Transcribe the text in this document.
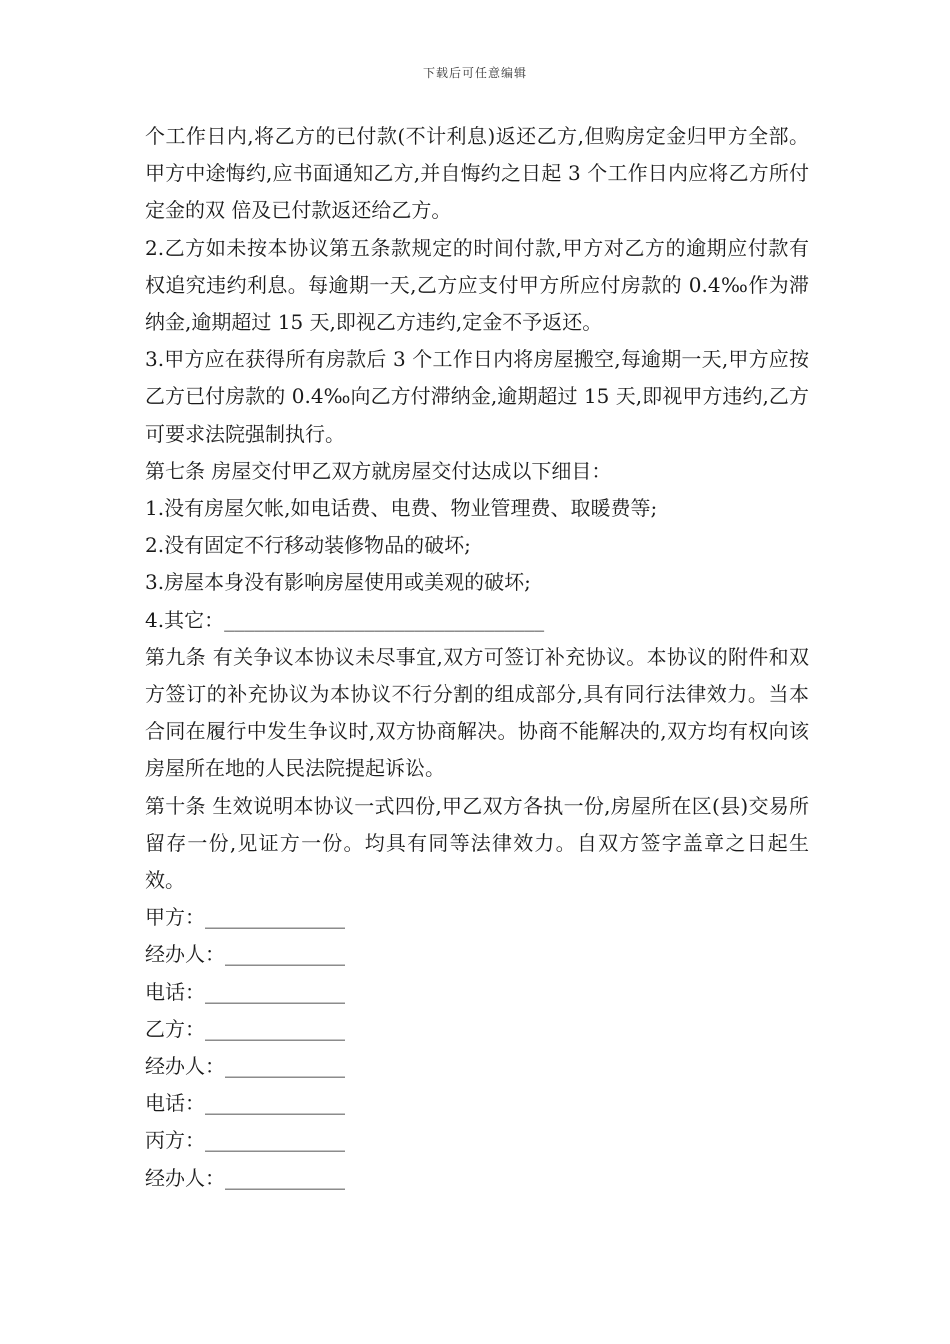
下载后可任意编辑

个工作日内,将乙方的已付款(不计利息)返还乙方,但购房定金归甲方全部。甲方中途悔约,应书面通知乙方,并自悔约之日起 3 个工作日内应将乙方所付定金的双 倍及已付款返还给乙方。

2.乙方如未按本协议第五条款规定的时间付款,甲方对乙方的逾期应付款有权追究违约利息。每逾期一天,乙方应支付甲方所应付房款的 0.4‰作为滞纳金,逾期超过 15 天,即视乙方违约,定金不予返还。

3.甲方应在获得所有房款后 3 个工作日内将房屋搬空,每逾期一天,甲方应按乙方已付房款的 0.4‰向乙方付滞纳金,逾期超过 15 天,即视甲方违约,乙方可要求法院强制执行。

第七条 房屋交付甲乙双方就房屋交付达成以下细目：

1.没有房屋欠帐,如电话费、电费、物业管理费、取暖费等;

2.没有固定不行移动装修物品的破坏;

3.房屋本身没有影响房屋使用或美观的破坏;

4.其它：________________________________

第九条 有关争议本协议未尽事宜,双方可签订补充协议。本协议的附件和双方签订的补充协议为本协议不行分割的组成部分,具有同行法律效力。当本合同在履行中发生争议时,双方协商解决。协商不能解决的,双方均有权向该房屋所在地的人民法院提起诉讼。

第十条 生效说明本协议一式四份,甲乙双方各执一份,房屋所在区(县)交易所留存一份,见证方一份。均具有同等法律效力。自双方签字盖章之日起生效。

甲方：______________

经办人：____________

电话：______________

乙方：______________

经办人：____________

电话：______________

丙方：______________

经办人：____________
